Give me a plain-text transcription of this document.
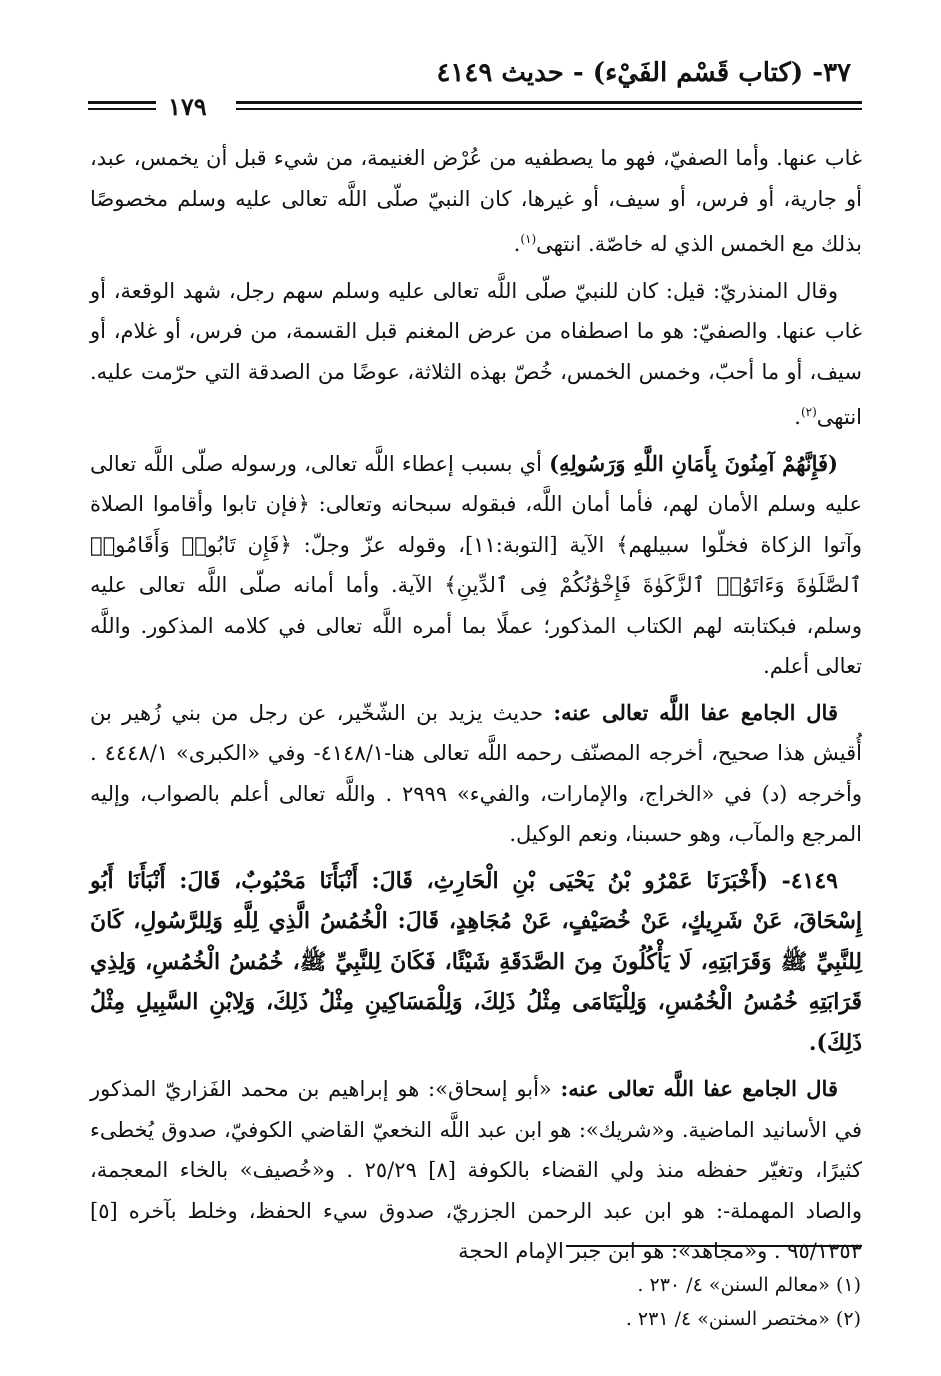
٣٧- (كتاب قَسْم الفَيْء) - حديث ٤١٤٩
١٧٩

غاب عنها. وأما الصفيّ، فهو ما يصطفيه من عُرْض الغنيمة، من شيء قبل أن يخمس، عبد، أو جارية، أو فرس، أو سيف، أو غيرها، كان النبيّ صلّى اللَّه تعالى عليه وسلم مخصوصًا بذلك مع الخمس الذي له خاصّة. انتهى$^{(١)}$.

وقال المنذريّ: قيل: كان للنبيّ صلّى اللَّه تعالى عليه وسلم سهم رجل، شهد الوقعة، أو غاب عنها. والصفيّ: هو ما اصطفاه من عرض المغنم قبل القسمة، من فرس، أو غلام، أو سيف، أو ما أحبّ، وخمس الخمس، خُصّ بهذه الثلاثة، عوضًا من الصدقة التي حرّمت عليه. انتهى$^{(٢)}$.

(فَإِنَّهُمْ آمِنُونَ بِأَمَانِ اللَّهِ وَرَسُولِهِ) أي بسبب إعطاء اللَّه تعالى، ورسوله صلّى اللَّه تعالى عليه وسلم الأمان لهم، فأما أمان اللَّه، فبقوله سبحانه وتعالى: ﴿فإن تابوا وأقاموا الصلاة وآتوا الزكاة فخلّوا سبيلهم﴾ الآية [التوبة:١١]، وقوله عزّ وجلّ: ﴿فَإِن تَابُوا۟ وَأَقَامُوا۟ ٱلصَّلَوٰةَ وَءَاتَوُا۟ ٱلزَّكَوٰةَ فَإِخْوَٰنُكُمْ فِى ٱلدِّينِ﴾ الآية. وأما أمانه صلّى اللَّه تعالى عليه وسلم، فبكتابته لهم الكتاب المذكور؛ عملًا بما أمره اللَّه تعالى في كلامه المذكور. واللَّه تعالى أعلم.

قال الجامع عفا اللَّه تعالى عنه: حديث يزيد بن الشّخّير، عن رجل من بني زُهير بن أُقيش هذا صحيح، أخرجه المصنّف رحمه اللَّه تعالى هنا-٤١٤٨/١- وفي «الكبرى» ٤٤٤٨/١ . وأخرجه (د) في «الخراج، والإمارات، والفيء» ٢٩٩٩ . واللَّه تعالى أعلم بالصواب، وإليه المرجع والمآب، وهو حسبنا، ونعم الوكيل.

٤١٤٩- (أَخْبَرَنَا عَمْرُو بْنُ يَحْيَى بْنِ الْحَارِثِ، قَالَ: أَنْبَأَنَا مَحْبُوبٌ، قَالَ: أَنْبَأَنَا أَبُو إِسْحَاقَ، عَنْ شَرِيكٍ، عَنْ خُصَيْفٍ، عَنْ مُجَاهِدٍ، قَالَ: الْخُمُسُ الَّذِي لِلَّهِ وَلِلرَّسُولِ، كَانَ لِلنَّبِيِّ ﷺ وَقَرَابَتِهِ، لَا يَأْكُلُونَ مِنَ الصَّدَقَةِ شَيْئًا، فَكَانَ لِلنَّبِيِّ ﷺ، خُمُسُ الْخُمُسِ، وَلِذِي قَرَابَتِهِ خُمُسُ الْخُمُسِ، وَلِلْيَتَامَى مِثْلُ ذَلِكَ، وَلِلْمَسَاكِينِ مِثْلُ ذَلِكَ، وَلِابْنِ السَّبِيلِ مِثْلُ ذَلِكَ).

قال الجامع عفا اللَّه تعالى عنه: «أبو إسحاق»: هو إبراهيم بن محمد الفَزاريّ المذكور في الأسانيد الماضية. و«شريك»: هو ابن عبد اللَّه النخعيّ القاضي الكوفيّ، صدوق يُخطىء كثيرًا، وتغيّر حفظه منذ ولي القضاء بالكوفة [٨] ٢٥/٢٩ . و«خُصيف» بالخاء المعجمة، والصاد المهملة-: هو ابن عبد الرحمن الجزريّ، صدوق سيء الحفظ، وخلط بآخره [٥] ٩٥/١٣٥٣ . و«مجاهد»: هو ابن جبر الإمام الحجة

(١) «معالم السنن» ٤/ ٢٣٠ .
(٢) «مختصر السنن» ٤/ ٢٣١ .
